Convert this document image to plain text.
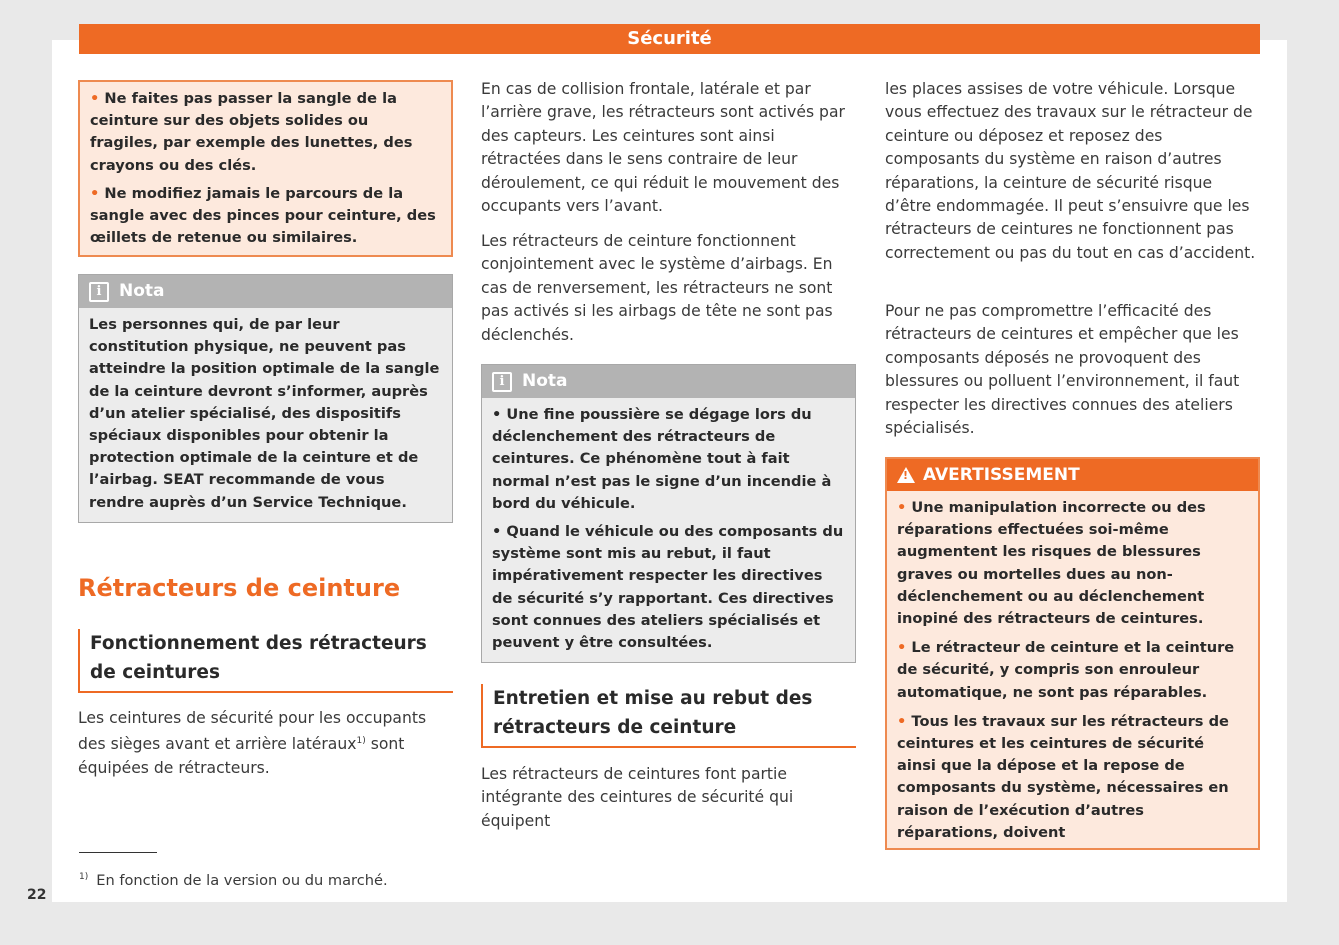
Sécurité

• Ne faites pas passer la sangle de la ceinture sur des objets solides ou fragiles, par exemple des lunettes, des crayons ou des clés.

• Ne modifiez jamais le parcours de la sangle avec des pinces pour ceinture, des œillets de retenue ou similaires.

i	Nota

Les personnes qui, de par leur constitution physique, ne peuvent pas atteindre la position optimale de la sangle de la ceinture devront s’informer, auprès d’un atelier spécialisé, des dispositifs spéciaux disponibles pour obtenir la protection optimale de la ceinture et de l’airbag. SEAT recommande de vous rendre auprès d’un Service Technique.

Rétracteurs de ceinture
Fonctionnement des rétracteurs de ceintures

Les ceintures de sécurité pour les occupants des sièges avant et arrière latéraux$^{1)}$ sont équipées de rétracteurs.

En cas de collision frontale, latérale et par l’arrière grave, les rétracteurs sont activés par des capteurs. Les ceintures sont ainsi rétractées dans le sens contraire de leur déroulement, ce qui réduit le mouvement des occupants vers l’avant.

Les rétracteurs de ceinture fonctionnent conjointement avec le système d’airbags. En cas de renversement, les rétracteurs ne sont pas activés si les airbags de tête ne sont pas déclenchés.

i	Nota

• Une fine poussière se dégage lors du déclenchement des rétracteurs de ceintures. Ce phénomène tout à fait normal n’est pas le signe d’un incendie à bord du véhicule.

• Quand le véhicule ou des composants du système sont mis au rebut, il faut impérativement respecter les directives de sécurité s’y rapportant. Ces directives sont connues des ateliers spécialisés et peuvent y être consultées.

Entretien et mise au rebut des rétracteurs de ceinture

Les rétracteurs de ceintures font partie intégrante des ceintures de sécurité qui équipent

les places assises de votre véhicule. Lorsque vous effectuez des travaux sur le rétracteur de ceinture ou déposez et reposez des composants du système en raison d’autres réparations, la ceinture de sécurité risque d’être endommagée. Il peut s’ensuivre que les rétracteurs de ceintures ne fonctionnent pas correctement ou pas du tout en cas d’accident.

Pour ne pas compromettre l’efficacité des rétracteurs de ceintures et empêcher que les composants déposés ne provoquent des blessures ou polluent l’environnement, il faut respecter les directives connues des ateliers spécialisés.

!
AVERTISSEMENT

• Une manipulation incorrecte ou des réparations effectuées soi-même augmentent les risques de blessures graves ou mortelles dues au non-déclenchement ou au déclenchement inopiné des rétracteurs de ceintures.

• Le rétracteur de ceinture et la ceinture de sécurité, y compris son enrouleur automatique, ne sont pas réparables.

• Tous les travaux sur les rétracteurs de ceintures et les ceintures de sécurité ainsi que la dépose et la repose de composants du système, nécessaires en raison de l’exécution d’autres réparations, doivent

$^{1)}$ En fonction de la version ou du marché.
22
